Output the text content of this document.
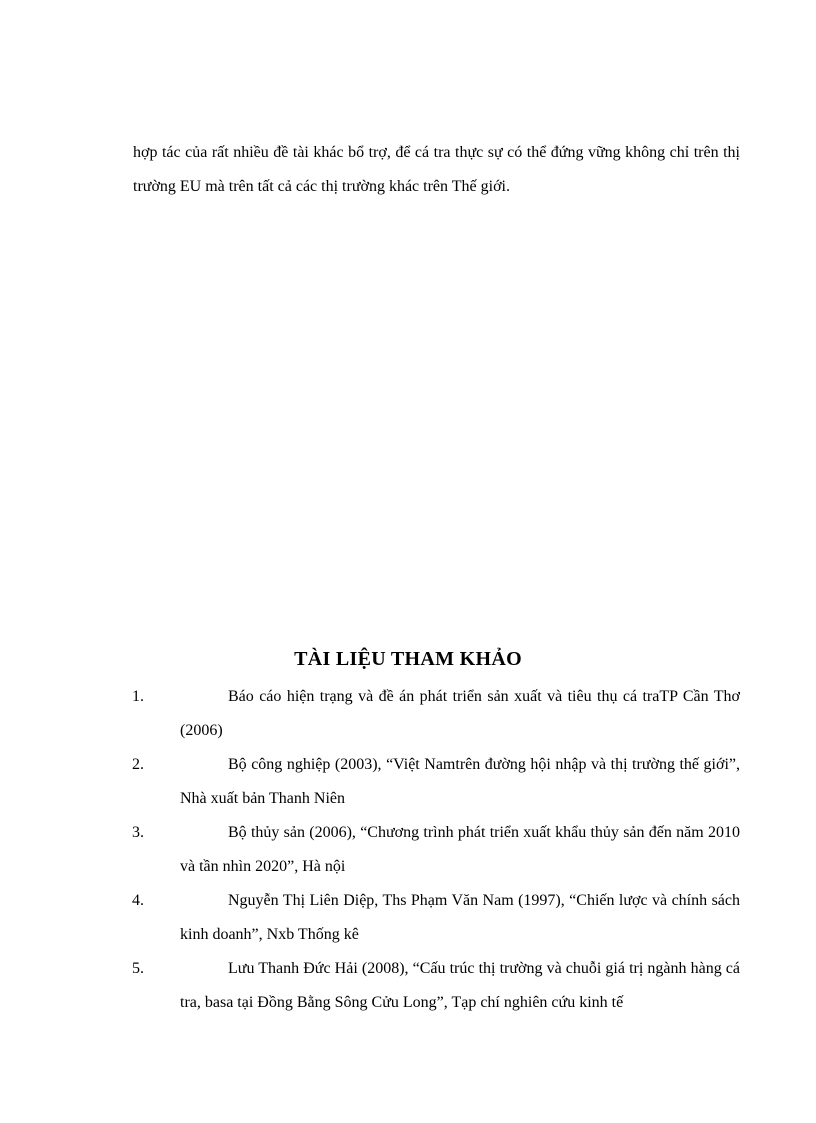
hợp tác của rất nhiều đề tài khác bổ trợ, để cá tra thực sự có thể đứng vững không chỉ trên thị trường EU mà trên tất cả các thị trường khác trên Thế giới.

TÀI LIỆU THAM KHẢO
1.	Báo cáo hiện trạng và đề án phát triển sản xuất và tiêu thụ cá traTP Cần Thơ (2006)
2.	Bộ công nghiệp (2003), “Việt Namtrên đường hội nhập và thị trường thế giới”, Nhà xuất bản Thanh Niên
3.	Bộ thủy sản (2006), “Chương trình phát triển xuất khẩu thủy sản đến năm 2010 và tần nhìn 2020”, Hà nội
4.	Nguyễn Thị Liên Diệp, Ths Phạm Văn Nam (1997), “Chiến lược và chính sách kinh doanh”, Nxb Thống kê
5.	Lưu Thanh Đức Hải (2008), “Cấu trúc thị trường và chuỗi giá trị ngành hàng cá tra, basa tại Đồng Bằng Sông Cửu Long”, Tạp chí nghiên cứu kinh tế
